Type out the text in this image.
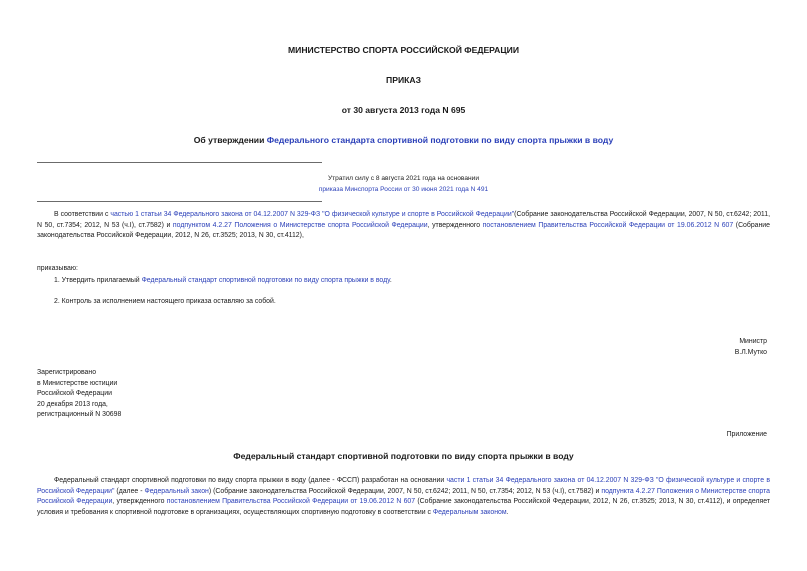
МИНИСТЕРСТВО СПОРТА РОССИЙСКОЙ ФЕДЕРАЦИИ
ПРИКАЗ
от 30 августа 2013 года N 695
Об утверждении Федерального стандарта спортивной подготовки по виду спорта прыжки в воду
Утратил силу с 8 августа 2021 года на основании
приказа Минспорта России от 30 июня 2021 года N 491
В соответствии с частью 1 статьи 34 Федерального закона от 04.12.2007 N 329-ФЗ "О физической культуре и спорте в Российской Федерации"(Собрание законодательства Российской Федерации, 2007, N 50, ст.6242; 2011, N 50, ст.7354; 2012, N 53 (ч.I), ст.7582) и подпунктом 4.2.27 Положения о Министерстве спорта Российской Федерации, утвержденного постановлением Правительства Российской Федерации от 19.06.2012 N 607 (Собрание законодательства Российской Федерации, 2012, N 26, ст.3525; 2013, N 30, ст.4112),
приказываю:
1. Утвердить прилагаемый Федеральный стандарт спортивной подготовки по виду спорта прыжки в воду.
2. Контроль за исполнением настоящего приказа оставляю за собой.
Министр
В.Л.Мутко
Зарегистрировано
в Министерстве юстиции
Российской Федерации
20 декабря 2013 года,
регистрационный N 30698
Приложение
Федеральный стандарт спортивной подготовки по виду спорта прыжки в воду
Федеральный стандарт спортивной подготовки по виду спорта прыжки в воду (далее - ФССП) разработан на основании части 1 статьи 34 Федерального закона от 04.12.2007 N 329-ФЗ "О физической культуре и спорте в Российской Федерации" (далее - Федеральный закон) (Собрание законодательства Российской Федерации, 2007, N 50, ст.6242; 2011, N 50, ст.7354; 2012, N 53 (ч.I), ст.7582) и подпункта 4.2.27 Положения о Министерстве спорта Российской Федерации, утвержденного постановлением Правительства Российской Федерации от 19.06.2012 N 607 (Собрание законодательства Российской Федерации, 2012, N 26, ст.3525; 2013, N 30, ст.4112), и определяет условия и требования к спортивной подготовке в организациях, осуществляющих спортивную подготовку в соответствии с Федеральным законом.
